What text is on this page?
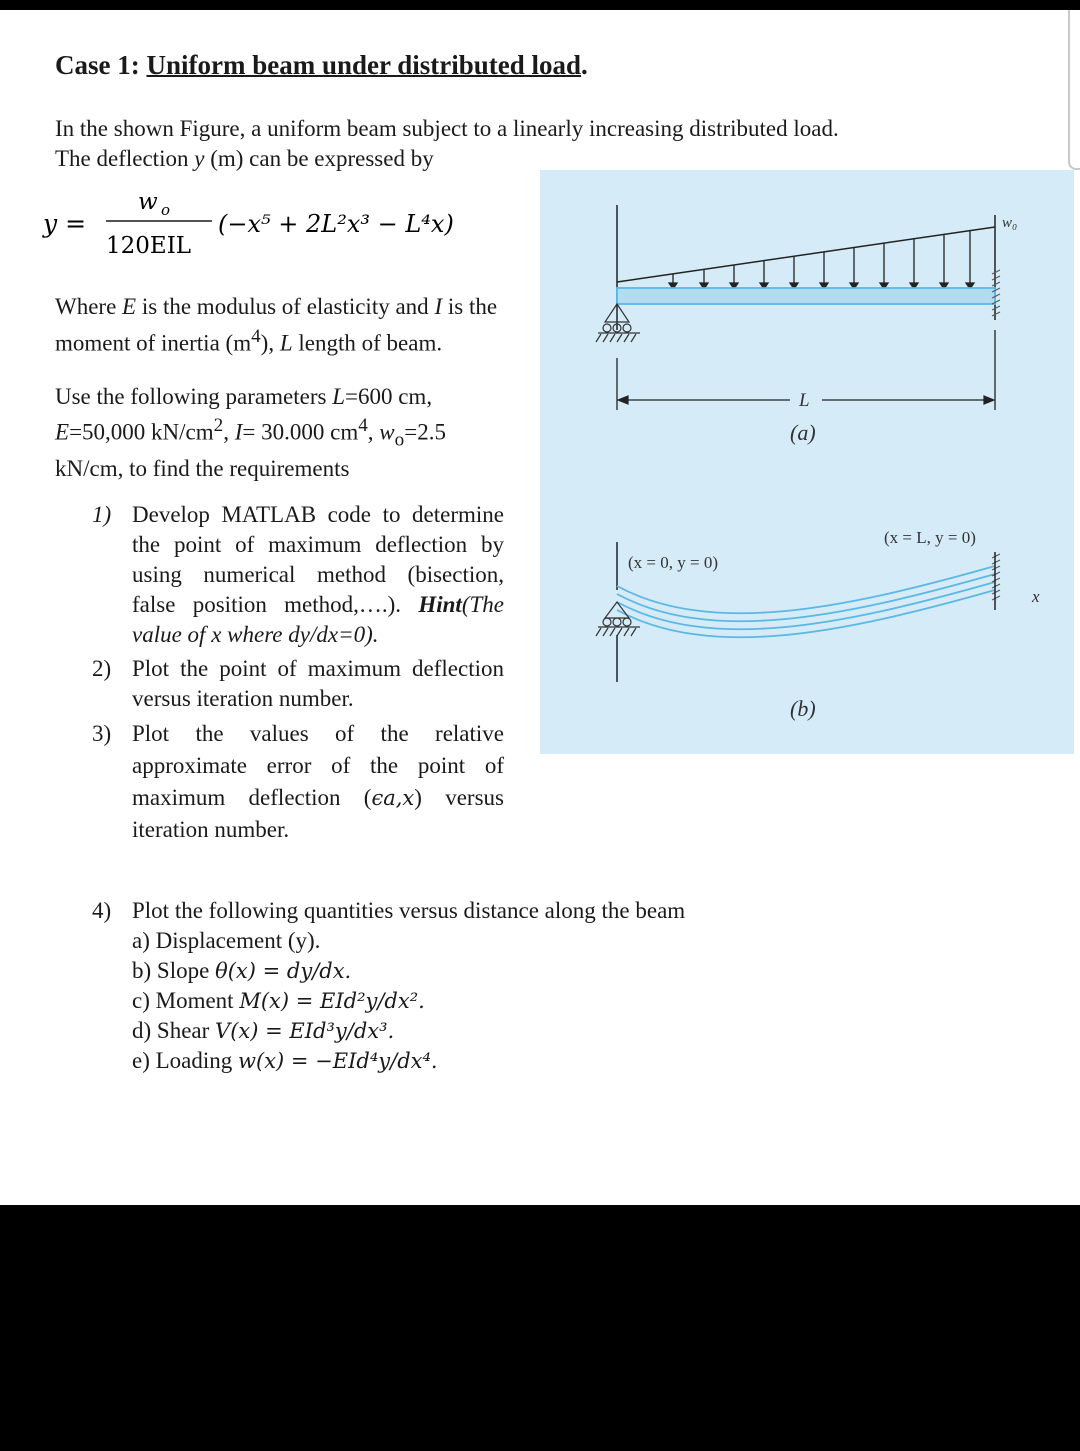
Case 1: Uniform beam under distributed load.
In the shown Figure, a uniform beam subject to a linearly increasing distributed load.
The deflection y (m) can be expressed by
y =
w o
120EIL
(−x⁵ + 2L²x³ − L⁴x)
Where E is the modulus of elasticity and I is the moment of inertia $(m^4)$, L length of beam.
Use the following parameters L=600 cm,
E=50,000 $kN/cm^2$, I= 30.000 $cm^4$, $w_o=2.5$
kN/cm, to find the requirements
1) Develop MATLAB code to determine the point of maximum deflection by using numerical method (bisection, false position method,….). Hint(The value of x where dy/dx=0).
2) Plot the point of maximum deflection versus iteration number.
3) Plot the values of the relative approximate error of the point of maximum deflection (ϵa,x) versus iteration number.
4) Plot the following quantities versus distance along the beam
a) Displacement (y).
b) Slope θ(x) = dy/dx.
c) Moment M(x) = EId²y/dx².
d) Shear V(x) = EId³y/dx³.
e) Loading w(x) = −EId⁴y/dx⁴.
w₀
L
(a)
(x = 0, y = 0)
(x = L, y = 0)
x
(b)
